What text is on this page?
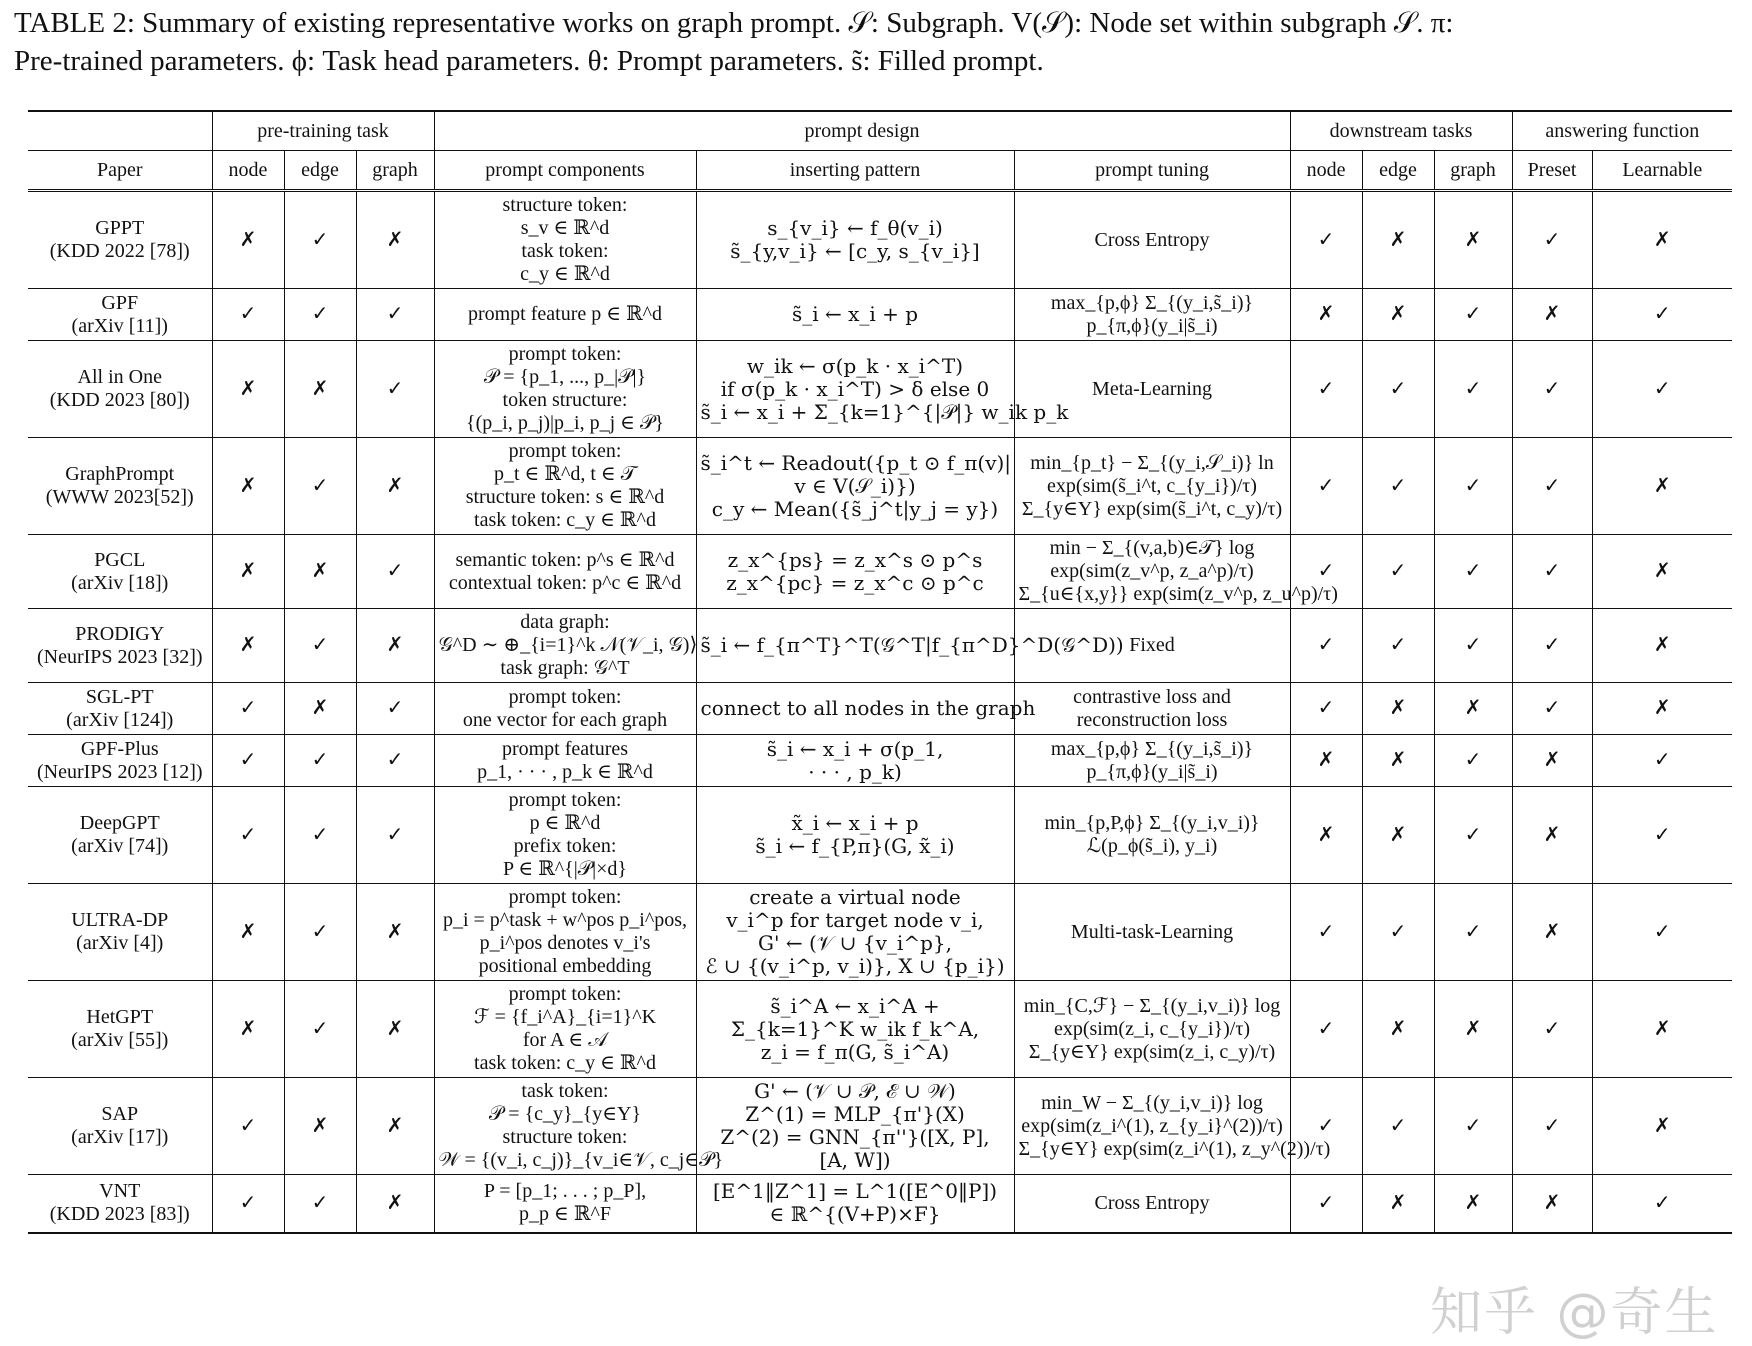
TABLE 2: Summary of existing representative works on graph prompt. 𝒮: Subgraph. V(𝒮): Node set within subgraph 𝒮. π:
Pre-trained parameters. ϕ: Task head parameters. θ: Prompt parameters. s̃: Filled prompt.

	pre-training task			prompt design			downstream tasks			answering function	
Paper	node	edge	graph	prompt components	inserting pattern	prompt tuning	node	edge	graph	Preset	Learnable

GPPT
(KDD 2022 [78])	✗	✓	✗	structure token:
s_v ∈ ℝ^d
task token:
c_y ∈ ℝ^d	s_{v_i} ← f_θ(v_i)
s̃_{y,v_i} ← [c_y, s_{v_i}]	Cross Entropy	✓	✗	✗	✓	✗

GPF
(arXiv [11])	✓	✓	✓	prompt feature p ∈ ℝ^d	s̃_i ← x_i + p	max_{p,ϕ} Σ_{(y_i,s̃_i)}
p_{π,ϕ}(y_i|s̃_i)	✗	✗	✓	✗	✓

All in One
(KDD 2023 [80])	✗	✗	✓	prompt token:
𝒫 = {p_1, ..., p_|𝒫|}
token structure:
{(p_i, p_j)|p_i, p_j ∈ 𝒫}	w_ik ← σ(p_k · x_i^T)
if σ(p_k · x_i^T) > δ else 0
s̃_i ← x_i + Σ_{k=1}^{|𝒫|} w_ik p_k	Meta-Learning	✓	✓	✓	✓	✓

GraphPrompt
(WWW 2023[52])	✗	✓	✗	prompt token:
p_t ∈ ℝ^d, t ∈ 𝒯
structure token: s ∈ ℝ^d
task token: c_y ∈ ℝ^d	s̃_i^t ← Readout({p_t ⊙ f_π(v)|
v ∈ V(𝒮_i)})
c_y ← Mean({s̃_j^t|y_j = y})	min_{p_t} − Σ_{(y_i,𝒮_i)} ln
exp(sim(s̃_i^t, c_{y_i})/τ)
Σ_{y∈Y} exp(sim(s̃_i^t, c_y)/τ)	✓	✓	✓	✓	✗

PGCL
(arXiv [18])	✗	✗	✓	semantic token: p^s ∈ ℝ^d
contextual token: p^c ∈ ℝ^d	z_x^{ps} = z_x^s ⊙ p^s
z_x^{pc} = z_x^c ⊙ p^c	min − Σ_{(v,a,b)∈𝒯} log
exp(sim(z_v^p, z_a^p)/τ)
Σ_{u∈{x,y}} exp(sim(z_v^p, z_u^p)/τ)	✓	✓	✓	✓	✗

PRODIGY
(NeurIPS 2023 [32])	✗	✓	✗	data graph:
𝒢^D ∼ ⊕_{i=1}^k 𝒩(𝒱_i, 𝒢)⟩
task graph: 𝒢^T	s̃_i ← f_{π^T}^T(𝒢^T|f_{π^D}^D(𝒢^D))	Fixed	✓	✓	✓	✓	✗

SGL-PT
(arXiv [124])	✓	✗	✓	prompt token:
one vector for each graph	connect to all nodes in the graph	contrastive loss and
reconstruction loss	✓	✗	✗	✓	✗

GPF-Plus
(NeurIPS 2023 [12])	✓	✓	✓	prompt features
p_1, · · · , p_k ∈ ℝ^d	s̃_i ← x_i + σ(p_1,
· · · , p_k)	max_{p,ϕ} Σ_{(y_i,s̃_i)}
p_{π,ϕ}(y_i|s̃_i)	✗	✗	✓	✗	✓

DeepGPT
(arXiv [74])	✓	✓	✓	prompt token:
p ∈ ℝ^d
prefix token:
P ∈ ℝ^{|𝒫|×d}	x̃_i ← x_i + p
s̃_i ← f_{P,π}(G, x̃_i)	min_{p,P,ϕ} Σ_{(y_i,v_i)}
ℒ(p_ϕ(s̃_i), y_i)	✗	✗	✓	✗	✓

ULTRA-DP
(arXiv [4])	✗	✓	✗	prompt token:
p_i = p^task + w^pos p_i^pos,
p_i^pos denotes v_i's
positional embedding	create a virtual node
v_i^p for target node v_i,
G' ← (𝒱 ∪ {v_i^p},
ℰ ∪ {(v_i^p, v_i)}, X ∪ {p_i})	Multi-task-Learning	✓	✓	✓	✗	✓

HetGPT
(arXiv [55])	✗	✓	✗	prompt token:
ℱ = {f_i^A}_{i=1}^K
for A ∈ 𝒜
task token: c_y ∈ ℝ^d	s̃_i^A ← x_i^A +
Σ_{k=1}^K w_ik f_k^A,
z_i = f_π(G, s̃_i^A)	min_{C,ℱ} − Σ_{(y_i,v_i)} log
exp(sim(z_i, c_{y_i})/τ)
Σ_{y∈Y} exp(sim(z_i, c_y)/τ)	✓	✗	✗	✓	✗

SAP
(arXiv [17])	✓	✗	✗	task token:
𝒫 = {c_y}_{y∈Y}
structure token:
𝒲 = {(v_i, c_j)}_{v_i∈𝒱, c_j∈𝒫}	G' ← (𝒱 ∪ 𝒫, ℰ ∪ 𝒲)
Z^(1) = MLP_{π'}(X)
Z^(2) = GNN_{π''}([X, P],
[A, W])	min_W − Σ_{(y_i,v_i)} log
exp(sim(z_i^(1), z_{y_i}^(2))/τ)
Σ_{y∈Y} exp(sim(z_i^(1), z_y^(2))/τ)	✓	✓	✓	✓	✗

VNT
(KDD 2023 [83])	✓	✓	✗	P = [p_1; . . . ; p_P],
p_p ∈ ℝ^F	[E^1‖Z^1] = L^1([E^0‖P])
∈ ℝ^{(V+P)×F}	Cross Entropy	✓	✗	✗	✗	✓
知乎 @奇生
